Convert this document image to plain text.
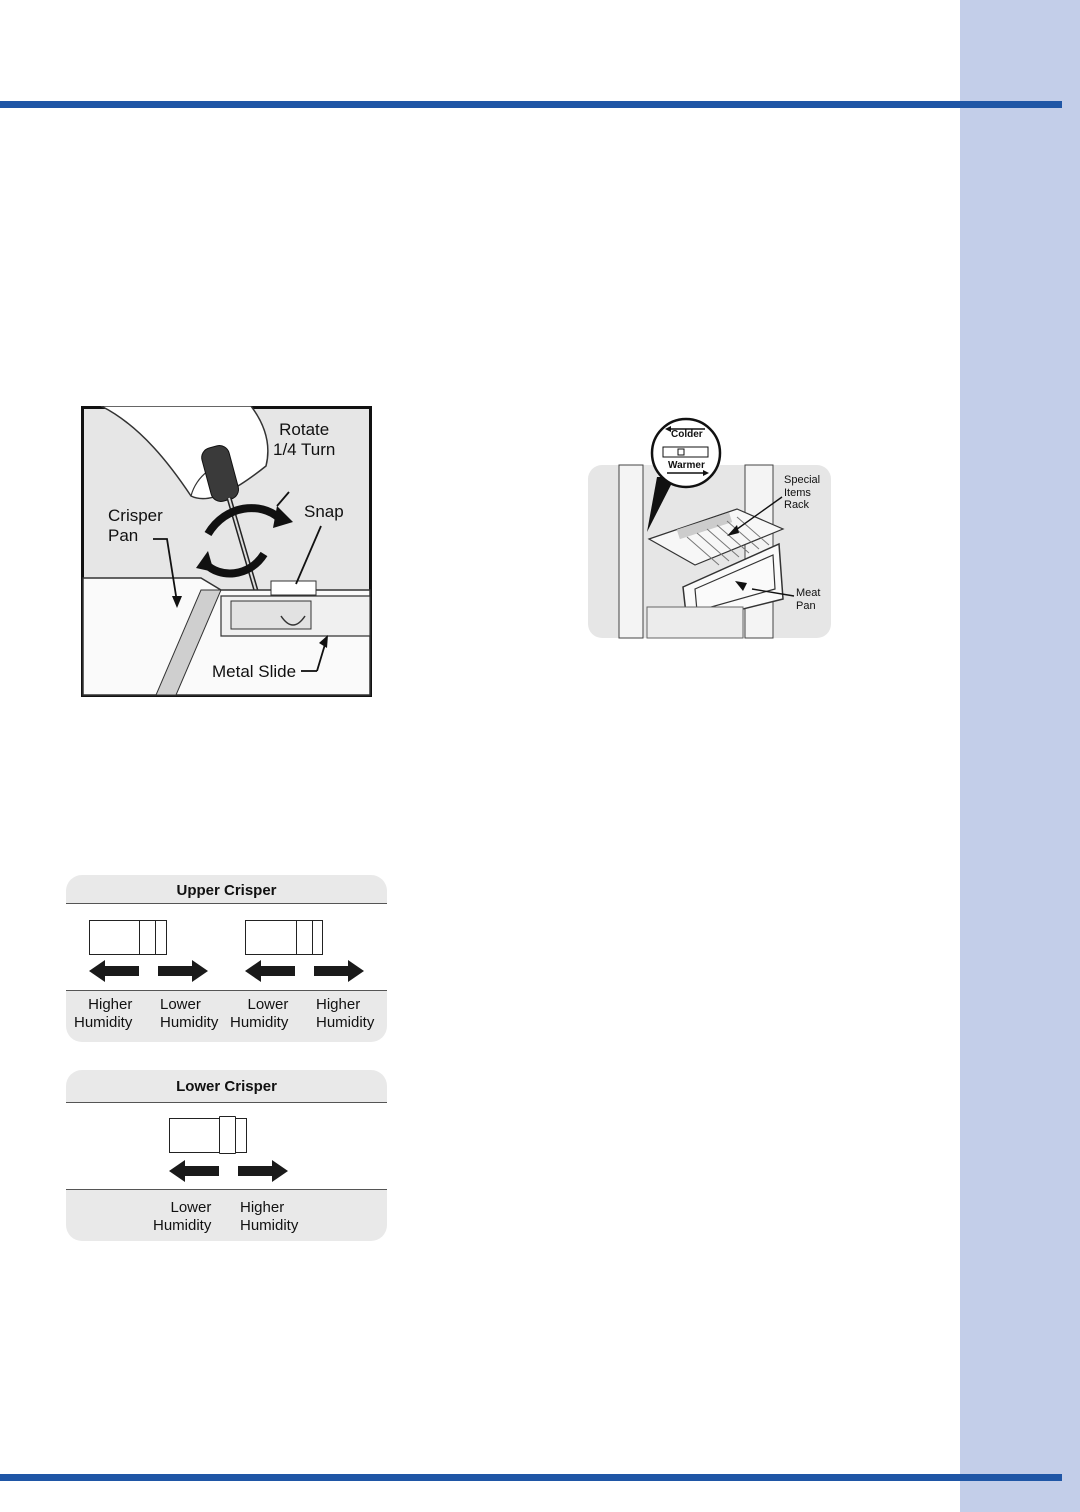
Rotate
1/4 Turn
Snap
Crisper
Pan
Metal Slide
Colder
Warmer
Special
Items
Rack
Meat
Pan
Upper Crisper
Higher
Humidity
Lower
Humidity
Lower
Humidity
Higher
Humidity
Lower Crisper
Lower
Humidity
Higher
Humidity
